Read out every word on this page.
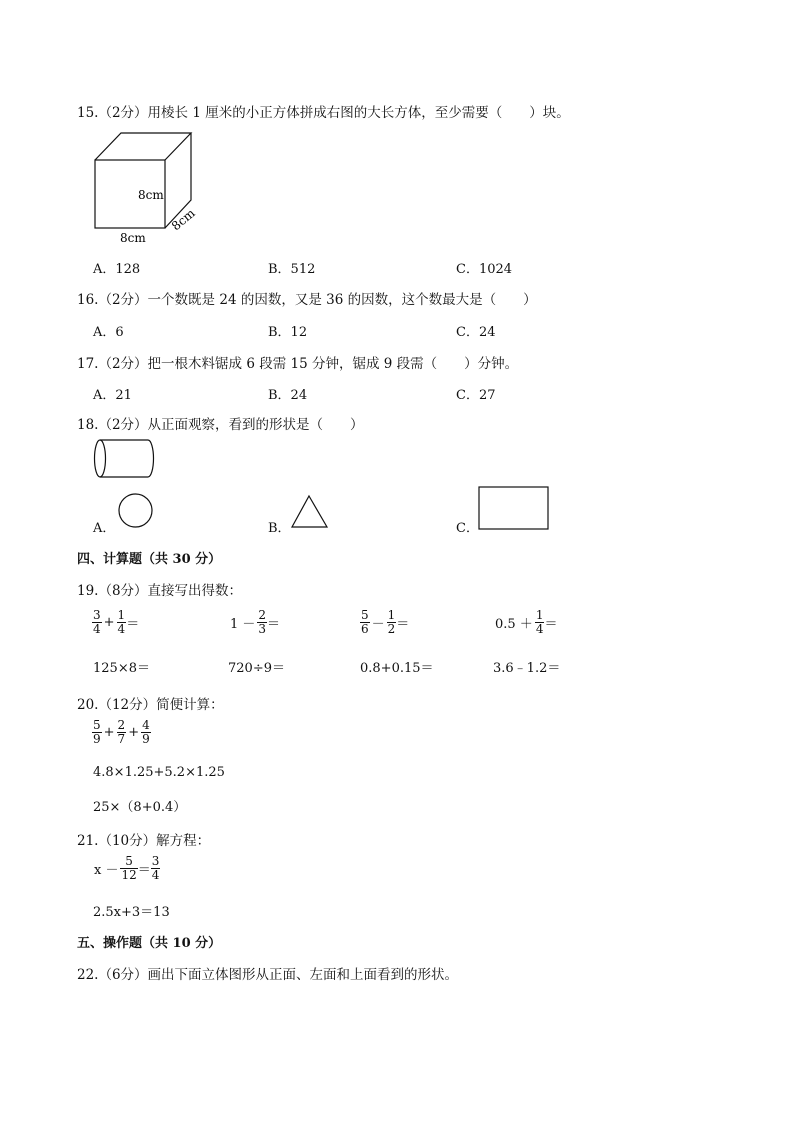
15.（2分）用棱长 1 厘米的小正方体拼成右图的大长方体，至少需要（　　）块。
8cm
8cm
8cm
A．128	B．512	C．1024
16.（2分）一个数既是 24 的因数，又是 36 的因数，这个数最大是（　　）
A．6	B．12	C．24
17.（2分）把一根木料锯成 6 段需 15 分钟，锯成 9 段需（　　）分钟。
A．21	B．24	C．27
18.（2分）从正面观察，看到的形状是（　　）
A．	B．	C．
四、计算题（共 30 分）
19.（8分）直接写出得数：
$\frac{3}{4} + \frac{1}{4}$ ＝	$1 - \frac{2}{3}$ ＝	$\frac{5}{6} - \frac{1}{2}$ ＝	$0.5 + \frac{1}{4}$ ＝
125×8＝	720÷9＝	0.8+0.15＝	3.6﹣1.2＝
20.（12分）简便计算：
$\frac{5}{9} + \frac{2}{7} + \frac{4}{9}$
4.8×1.25+5.2×1.25
25×（8+0.4）
21.（10分）解方程：
$x - \frac{5}{12} = \frac{3}{4}$
2.5x+3＝13
五、操作题（共 10 分）
22.（6分）画出下面立体图形从正面、左面和上面看到的形状。
